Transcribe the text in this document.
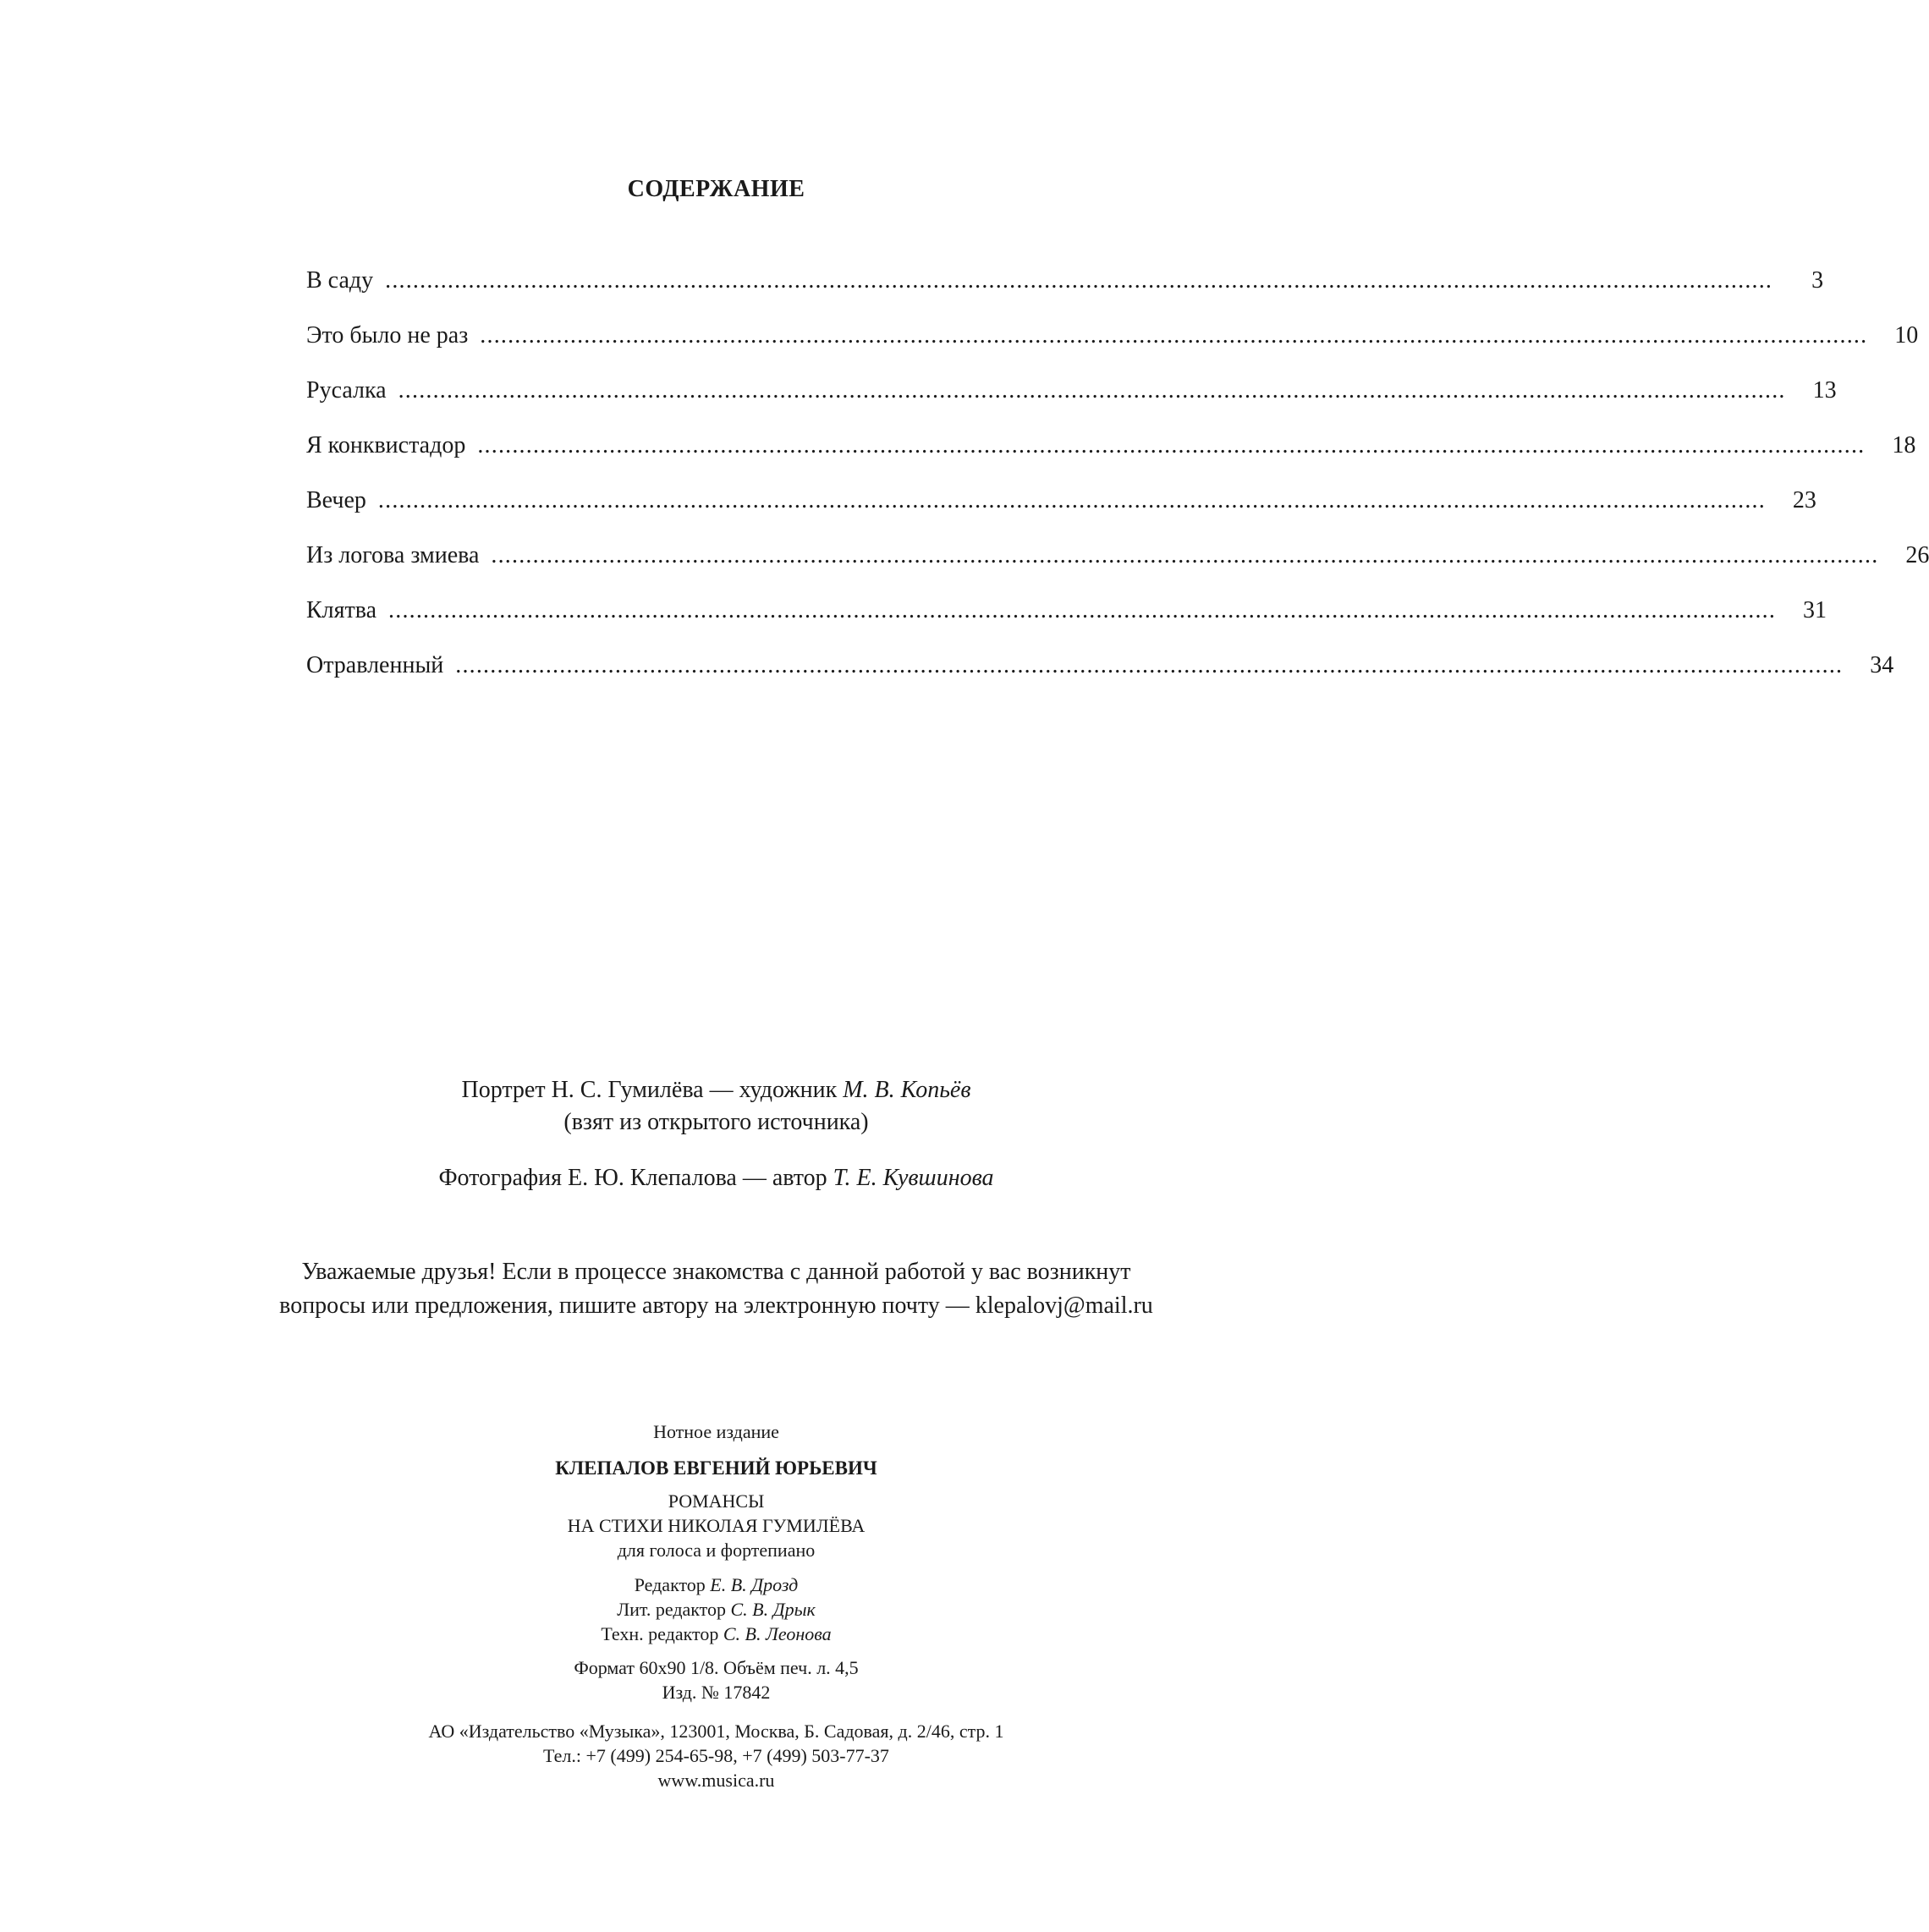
СОДЕРЖАНИЕ
В саду ........................................................................................................................................................................................................	3
Это было не раз ........................................................................................................................................................................................................	10
Русалка ........................................................................................................................................................................................................	13
Я конквистадор ........................................................................................................................................................................................................	18
Вечер ........................................................................................................................................................................................................	23
Из логова змиева ........................................................................................................................................................................................................	26
Клятва ........................................................................................................................................................................................................	31
Отравленный ........................................................................................................................................................................................................	34
Портрет Н. С. Гумилёва — художник М. В. Копьёв
(взят из открытого источника)
Фотография Е. Ю. Клепалова — автор Т. Е. Кувшинова
Уважаемые друзья! Если в процессе знакомства с данной работой у вас возникнут
вопросы или предложения, пишите автору на электронную почту — klepalovj@mail.ru
Нотное издание
КЛЕПАЛОВ ЕВГЕНИЙ ЮРЬЕВИЧ
РОМАНСЫ
НА СТИХИ НИКОЛАЯ ГУМИЛЁВА
для голоса и фортепиано
Редактор Е. В. Дрозд
Лит. редактор С. В. Дрык
Техн. редактор С. В. Леонова
Формат 60x90 1/8. Объём печ. л. 4,5
Изд. № 17842
АО «Издательство «Музыка», 123001, Москва, Б. Садовая, д. 2/46, стр. 1
Тел.: +7 (499) 254-65-98, +7 (499) 503-77-37
www.musica.ru
